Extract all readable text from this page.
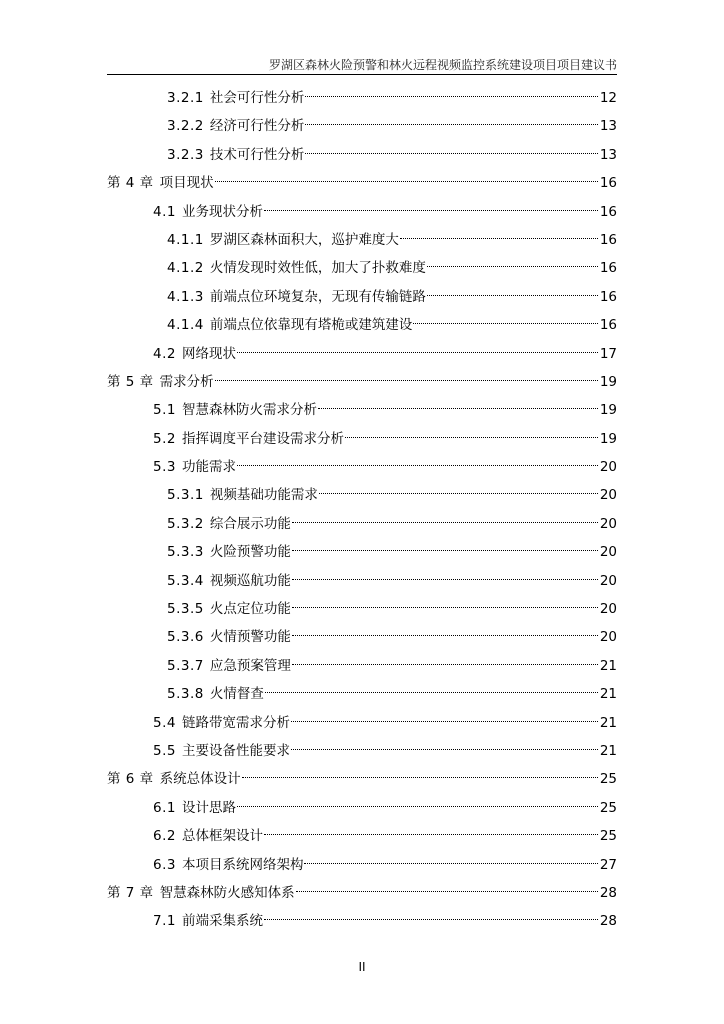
罗湖区森林火险预警和林火远程视频监控系统建设项目项目建议书
3.2.1 社会可行性分析	12
3.2.2 经济可行性分析	13
3.2.3 技术可行性分析	13
第 4 章 项目现状	16
4.1 业务现状分析	16
4.1.1 罗湖区森林面积大，巡护难度大	16
4.1.2 火情发现时效性低，加大了扑救难度	16
4.1.3 前端点位环境复杂，无现有传输链路	16
4.1.4 前端点位依靠现有塔桅或建筑建设	16
4.2 网络现状	17
第 5 章 需求分析	19
5.1 智慧森林防火需求分析	19
5.2 指挥调度平台建设需求分析	19
5.3 功能需求	20
5.3.1 视频基础功能需求	20
5.3.2 综合展示功能	20
5.3.3 火险预警功能	20
5.3.4 视频巡航功能	20
5.3.5 火点定位功能	20
5.3.6 火情预警功能	20
5.3.7 应急预案管理	21
5.3.8 火情督查	21
5.4 链路带宽需求分析	21
5.5 主要设备性能要求	21
第 6 章 系统总体设计	25
6.1 设计思路	25
6.2 总体框架设计	25
6.3 本项目系统网络架构	27
第 7 章 智慧森林防火感知体系	28
7.1 前端采集系统	28
II
